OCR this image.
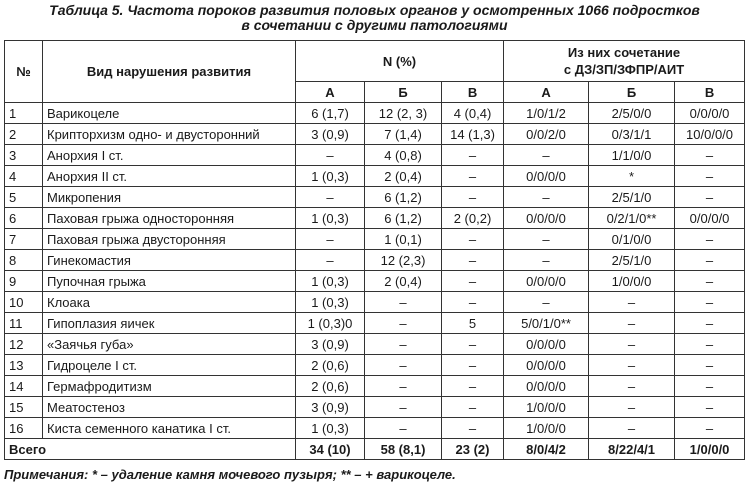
Таблица 5. Частота пороков развития половых органов у осмотренных 1066 подростков
в сочетании с другими патологиями
№	Вид нарушения развития	N (%)			Из них сочетание
с ДЗ/ЗП/ЗФПР/АИТ		

		А	Б	В	А	Б	В
1	Варикоцеле	6 (1,7)	12 (2, 3)	4 (0,4)	1/0/1/2	2/5/0/0	0/0/0/0
2	Крипторхизм одно- и двусторонний	3 (0,9)	7 (1,4)	14 (1,3)	0/0/2/0	0/3/1/1	10/0/0/0
3	Анорхия I ст.	–	4 (0,8)	–	–	1/1/0/0	–
4	Анорхия II ст.	1 (0,3)	2 (0,4)	–	0/0/0/0	*	–
5	Микропения	–	6 (1,2)	–	–	2/5/1/0	–
6	Паховая грыжа односторонняя	1 (0,3)	6 (1,2)	2 (0,2)	0/0/0/0	0/2/1/0**	0/0/0/0
7	Паховая грыжа двусторонняя	–	1 (0,1)	–	–	0/1/0/0	–
8	Гинекомастия	–	12 (2,3)	–	–	2/5/1/0	–
9	Пупочная грыжа	1 (0,3)	2 (0,4)	–	0/0/0/0	1/0/0/0	–
10	Клоака	1 (0,3)	–	–	–	–	–
11	Гипоплазия яичек	1 (0,3)0	–	5	5/0/1/0**	–	–
12	«Заячья губа»	3 (0,9)	–	–	0/0/0/0	–	–
13	Гидроцеле I ст.	2 (0,6)	–	–	0/0/0/0	–	–
14	Гермафродитизм	2 (0,6)	–	–	0/0/0/0	–	–
15	Меатостеноз	3 (0,9)	–	–	1/0/0/0	–	–
16	Киста семенного канатика I ст.	1 (0,3)	–	–	1/0/0/0	–	–
Всего		34 (10)	58 (8,1)	23 (2)	8/0/4/2	8/22/4/1	1/0/0/0
Примечания: * – удаление камня мочевого пузыря; ** – + варикоцеле.
